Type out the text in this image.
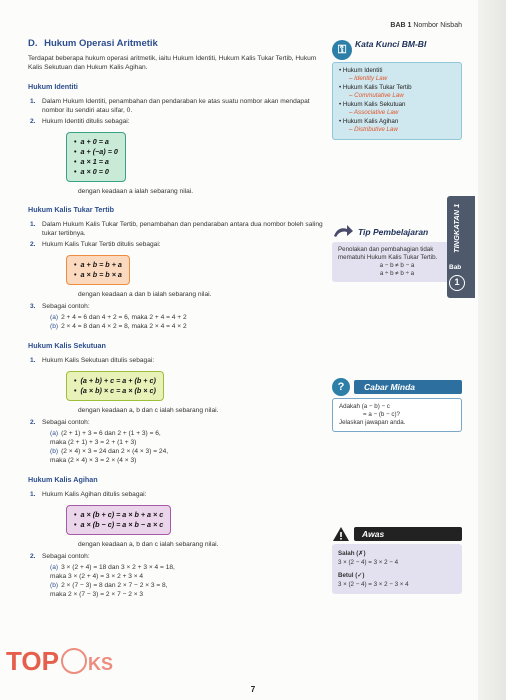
BAB 1 Nombor Nisbah
D. Hukum Operasi Aritmetik

Terdapat beberapa hukum operasi aritmetik, iaitu Hukum Identiti, Hukum Kalis Tukar Tertib, Hukum Kalis Sekutuan dan Hukum Kalis Agihan.

Hukum Identiti
1. Dalam Hukum Identiti, penambahan dan pendaraban ke atas suatu nombor akan mendapat nombor itu sendiri atau sifar, 0.
2. Hukum Identiti ditulis sebagai:
• a + 0 = a
• a + (−a) = 0
• a × 1 = a
• a × 0 = 0
dengan keadaan a ialah sebarang nilai.
Hukum Kalis Tukar Tertib
1. Dalam Hukum Kalis Tukar Tertib, penambahan dan pendaraban antara dua nombor boleh saling tukar tertibnya.
2. Hukum Kalis Tukar Tertib ditulis sebagai:
• a + b = b + a
• a × b = b × a
dengan keadaan a dan b ialah sebarang nilai.
3. Sebagai contoh:
(a) 2 + 4 = 6 dan 4 + 2 = 6, maka 2 + 4 = 4 + 2
(b) 2 × 4 = 8 dan 4 × 2 = 8, maka 2 × 4 = 4 × 2
Hukum Kalis Sekutuan
1. Hukum Kalis Sekutuan ditulis sebagai:
• (a + b) + c = a + (b + c)
• (a × b) × c = a × (b × c)
dengan keadaan a, b dan c ialah sebarang nilai.
2. Sebagai contoh:
(a) (2 + 1) + 3 = 6 dan 2 + (1 + 3) = 6,
maka (2 + 1) + 3 = 2 + (1 + 3)
(b) (2 × 4) × 3 = 24 dan 2 × (4 × 3) = 24,
maka (2 × 4) × 3 = 2 × (4 × 3)
Hukum Kalis Agihan
1. Hukum Kalis Agihan ditulis sebagai:
• a × (b + c) = a × b + a × c
• a × (b − c) = a × b − a × c
dengan keadaan a, b dan c ialah sebarang nilai.
2. Sebagai contoh:
(a) 3 × (2 + 4) = 18 dan 3 × 2 + 3 × 4 = 18,
maka 3 × (2 + 4) = 3 × 2 + 3 × 4
(b) 2 × (7 − 3) = 8 dan 2 × 7 − 2 × 3 = 8,
maka 2 × (7 − 3) = 2 × 7 − 2 × 3
⚿	Kata Kunci BM-BI
• Hukum Identiti
– Identity Law
• Hukum Kalis Tukar Tertib
– Commutative Law
• Hukum Kalis Sekutuan
– Associative Law
• Hukum Kalis Agihan
– Distributive Law
Tip Pembelajaran
Penolakan dan pembahagian tidak mematuhi Hukum Kalis Tukar Tertib.
a − b ≠ b − a
a ÷ b ≠ b ÷ a
?	Cabar Minda
Adakah (a − b) − c
= a − (b − c)?
Jelaskan jawapan anda.
Awas
Salah (✗)
3 × (2 − 4) = 3 × 2 − 4
Betul (✓)
3 × (2 − 4) = 3 × 2 − 3 × 4
TINGKATAN 1
Bab
1
7
TOP KS
